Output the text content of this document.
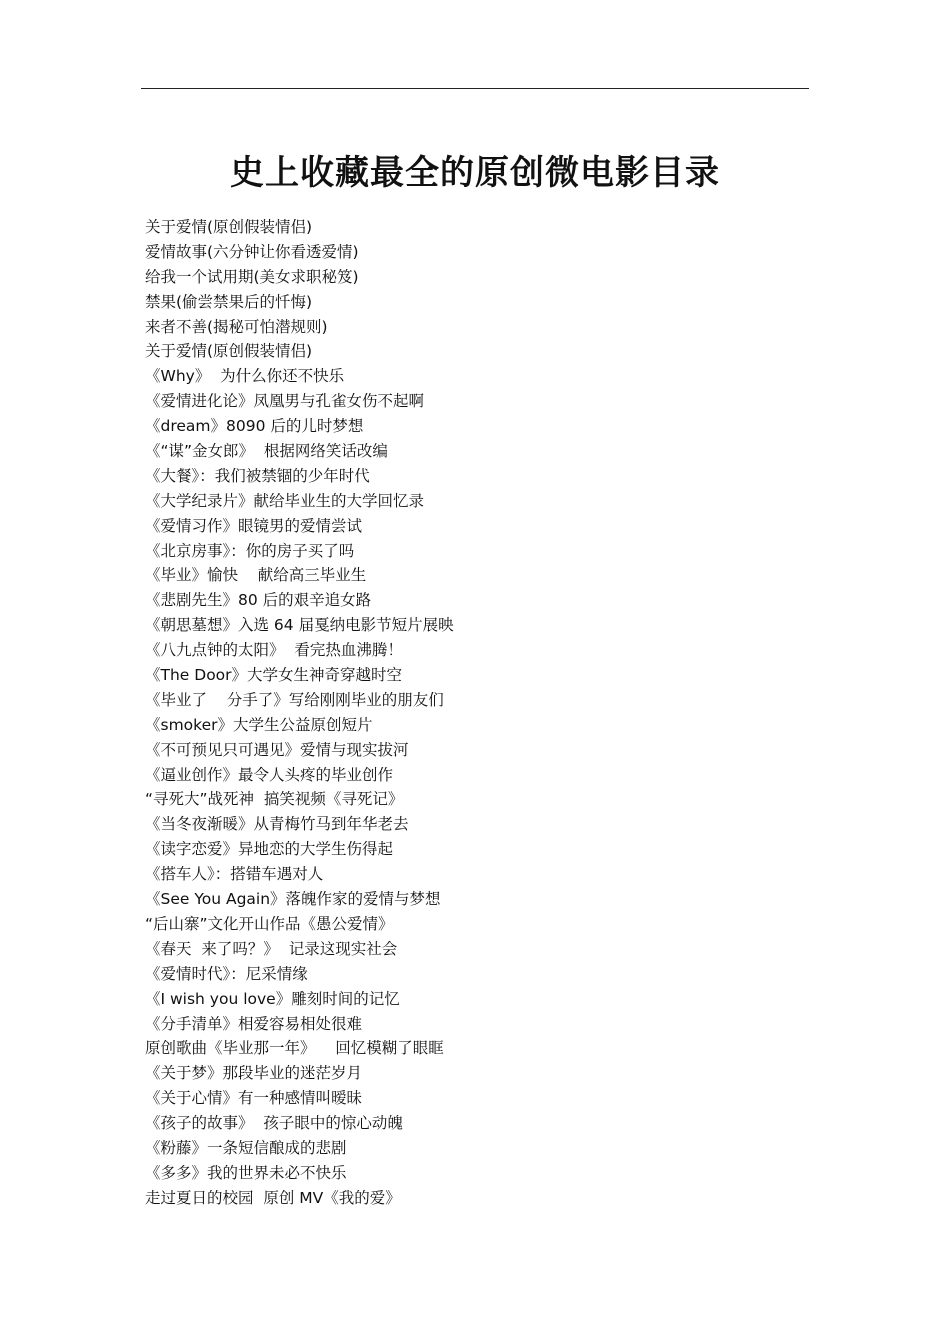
史上收藏最全的原创微电影目录
关于爱情(原创假装情侣)
爱情故事(六分钟让你看透爱情)
给我一个试用期(美女求职秘笈)
禁果(偷尝禁果后的忏悔)
来者不善(揭秘可怕潜规则)
关于爱情(原创假装情侣)
《Why》  为什么你还不快乐
《爱情进化论》凤凰男与孔雀女伤不起啊
《dream》8090 后的儿时梦想
《“谋”金女郎》  根据网络笑话改编
《大餐》：我们被禁锢的少年时代
《大学纪录片》献给毕业生的大学回忆录
《爱情习作》眼镜男的爱情尝试
《北京房事》：你的房子买了吗
《毕业》愉快    献给高三毕业生
《悲剧先生》80 后的艰辛追女路
《朝思墓想》入选 64 届戛纳电影节短片展映
《八九点钟的太阳》  看完热血沸腾！
《The Door》大学女生神奇穿越时空
《毕业了    分手了》写给刚刚毕业的朋友们
《smoker》大学生公益原创短片
《不可预见只可遇见》爱情与现实拔河
《逼业创作》最令人头疼的毕业创作
“寻死大”战死神  搞笑视频《寻死记》
《当冬夜渐暖》从青梅竹马到年华老去
《读字恋爱》异地恋的大学生伤得起
《搭车人》：搭错车遇对人
《See You Again》落魄作家的爱情与梦想
“后山寨”文化开山作品《愚公爱情》
《春天  来了吗？》  记录这现实社会
《爱情时代》：尼采情缘
《I wish you love》雕刻时间的记忆
《分手清单》相爱容易相处很难
原创歌曲《毕业那一年》    回忆模糊了眼眶
《关于梦》那段毕业的迷茫岁月
《关于心情》有一种感情叫暧昧
《孩子的故事》  孩子眼中的惊心动魄
《粉藤》一条短信酿成的悲剧
《多多》我的世界未必不快乐
走过夏日的校园  原创 MV《我的爱》
